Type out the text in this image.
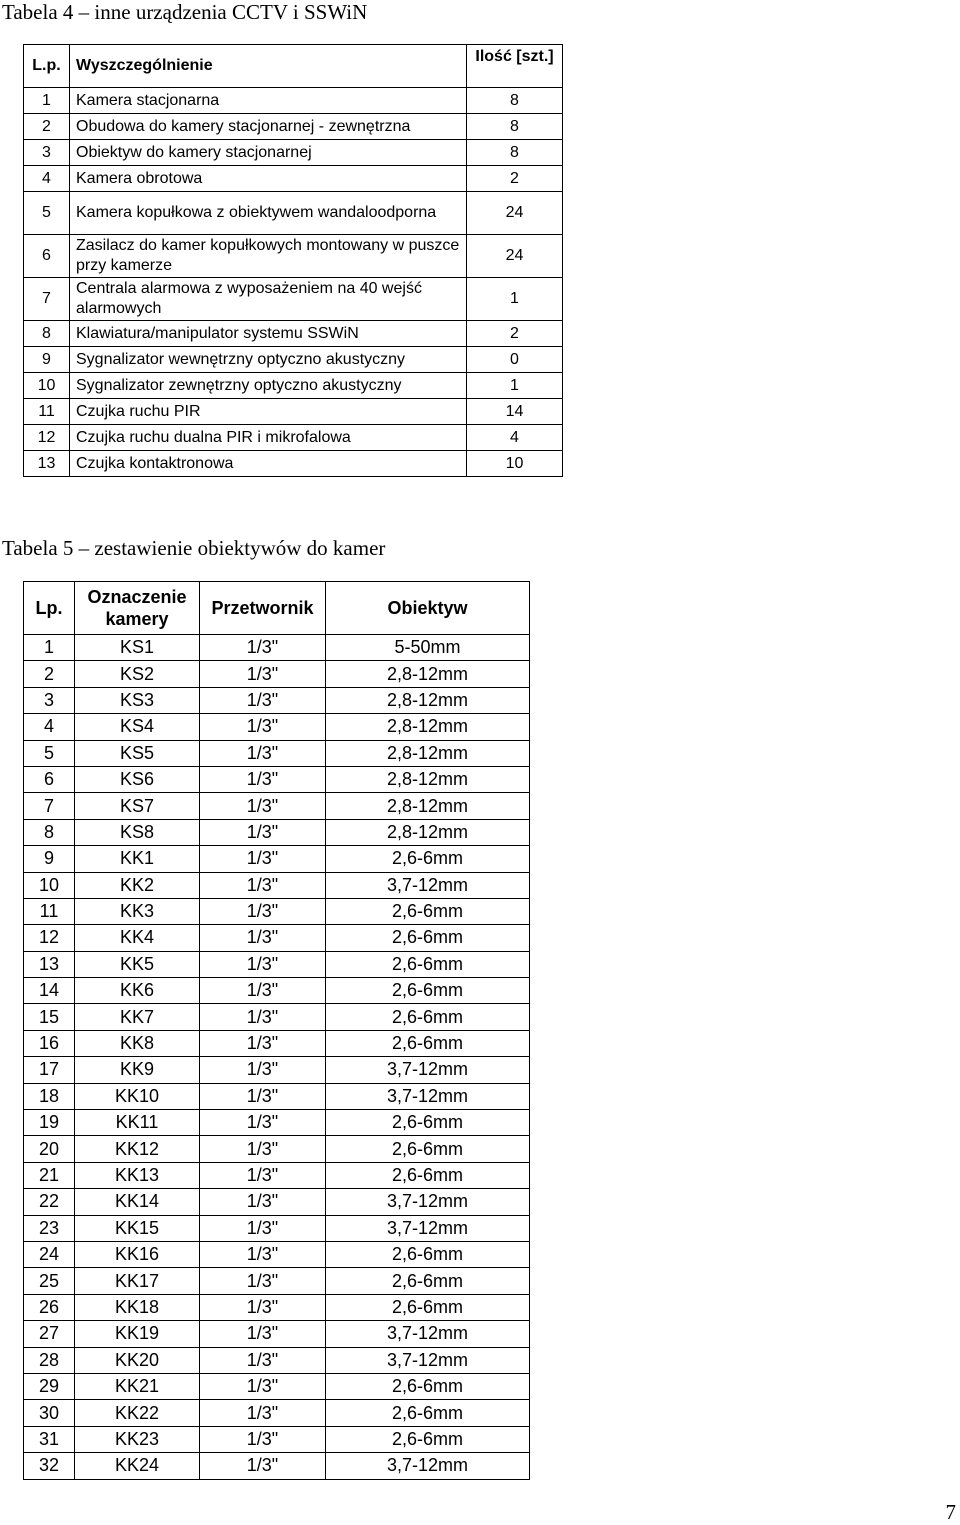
Tabela 4 – inne urządzenia CCTV i SSWiN
L.p.	Wyszczególnienie	Ilość [szt.]
1	Kamera stacjonarna	8
2	Obudowa do kamery stacjonarnej - zewnętrzna	8
3	Obiektyw do kamery stacjonarnej	8
4	Kamera obrotowa	2
5	Kamera kopułkowa z obiektywem wandaloodporna	24
6	Zasilacz do kamer kopułkowych montowany w puszce przy kamerze	24
7	Centrala alarmowa z wyposażeniem na 40 wejść alarmowych	1
8	Klawiatura/manipulator systemu SSWiN	2
9	Sygnalizator wewnętrzny optyczno akustyczny	0
10	Sygnalizator zewnętrzny optyczno akustyczny	1
11	Czujka ruchu PIR	14
12	Czujka ruchu dualna PIR i mikrofalowa	4
13	Czujka kontaktronowa	10
Tabela 5 – zestawienie obiektywów do kamer
Lp.	Oznaczenie kamery	Przetwornik	Obiektyw
1	KS1	1/3"	5-50mm
2	KS2	1/3"	2,8-12mm
3	KS3	1/3"	2,8-12mm
4	KS4	1/3"	2,8-12mm
5	KS5	1/3"	2,8-12mm
6	KS6	1/3"	2,8-12mm
7	KS7	1/3"	2,8-12mm
8	KS8	1/3"	2,8-12mm
9	KK1	1/3"	2,6-6mm
10	KK2	1/3"	3,7-12mm
11	KK3	1/3"	2,6-6mm
12	KK4	1/3"	2,6-6mm
13	KK5	1/3"	2,6-6mm
14	KK6	1/3"	2,6-6mm
15	KK7	1/3"	2,6-6mm
16	KK8	1/3"	2,6-6mm
17	KK9	1/3"	3,7-12mm
18	KK10	1/3"	3,7-12mm
19	KK11	1/3"	2,6-6mm
20	KK12	1/3"	2,6-6mm
21	KK13	1/3"	2,6-6mm
22	KK14	1/3"	3,7-12mm
23	KK15	1/3"	3,7-12mm
24	KK16	1/3"	2,6-6mm
25	KK17	1/3"	2,6-6mm
26	KK18	1/3"	2,6-6mm
27	KK19	1/3"	3,7-12mm
28	KK20	1/3"	3,7-12mm
29	KK21	1/3"	2,6-6mm
30	KK22	1/3"	2,6-6mm
31	KK23	1/3"	2,6-6mm
32	KK24	1/3"	3,7-12mm
7
